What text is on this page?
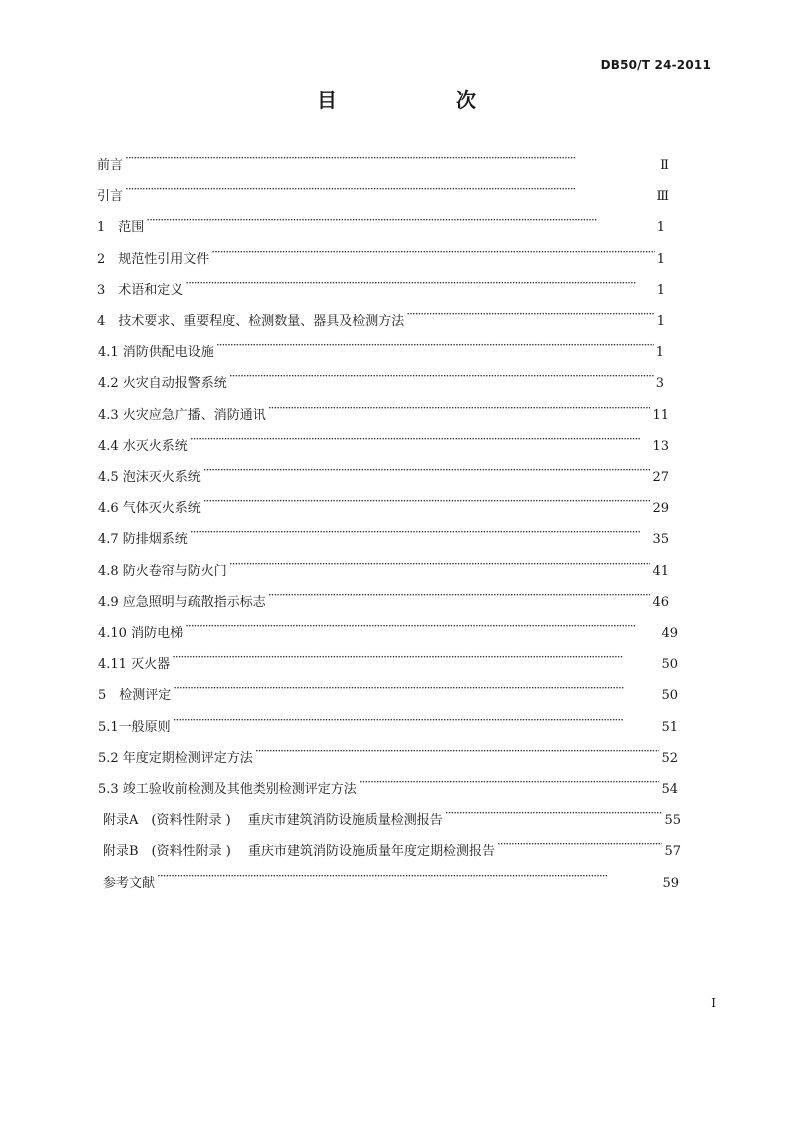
DB50/T 24-2011
目 次
前言 ·····	Ⅱ
引言 ·····	Ⅲ
1　范围 ·····	1
2　规范性引用文件 ·····	1
3　术语和定义 ·····	1
4　技术要求、重要程度、检测数量、器具及检测方法 ·····	1
4.1 消防供配电设施 ·····	1
4.2 火灾自动报警系统 ·····	3
4.3 火灾应急广播、消防通讯 ·····	11
4.4 水灭火系统 ·····	13
4.5 泡沫灭火系统 ·····	27
4.6 气体灭火系统 ·····	29
4.7 防排烟系统 ·····	35
4.8 防火卷帘与防火门 ·····	41
4.9 应急照明与疏散指示标志 ·····	46
4.10 消防电梯 ·····	49
4.11 灭火器 ·····	50
5　检测评定 ·····	50
5.1一般原则 ·····	51
5.2 年度定期检测评定方法 ·····	52
5.3 竣工验收前检测及其他类别检测评定方法 ·····	54
附录A　(资料性附录 )　 重庆市建筑消防设施质量检测报告 ·····	55
附录B　(资料性附录 )　 重庆市建筑消防设施质量年度定期检测报告 ·····	57
参考文献 ·····	59
I
